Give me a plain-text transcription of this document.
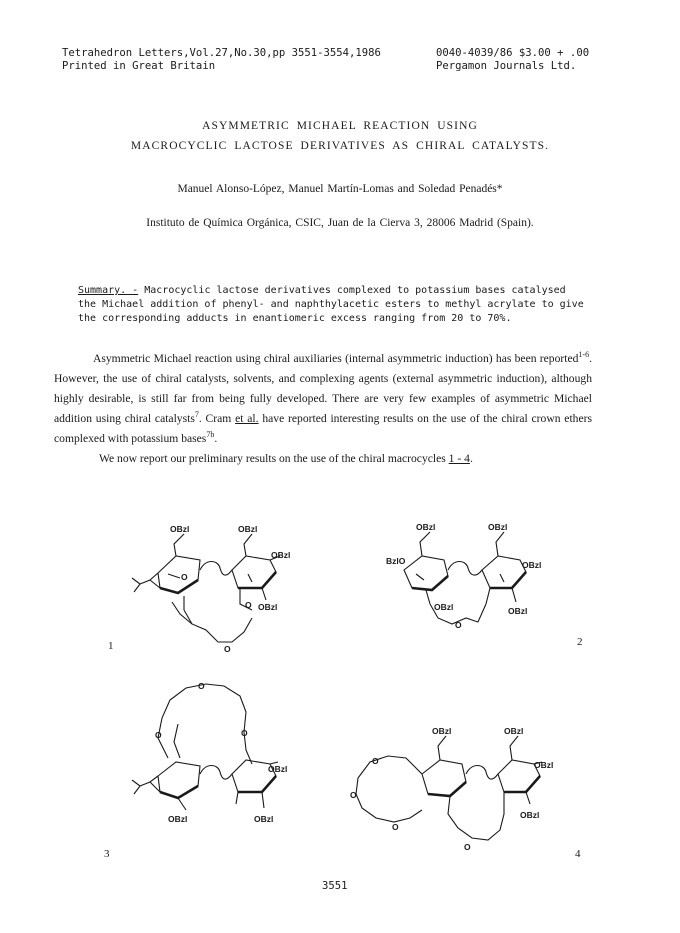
Tetrahedron Letters,Vol.27,No.30,pp 3551-3554,1986
Printed in Great Britain
0040-4039/86 $3.00 + .00
Pergamon Journals Ltd.
ASYMMETRIC MICHAEL REACTION USING
MACROCYCLIC LACTOSE DERIVATIVES AS CHIRAL CATALYSTS.
Manuel Alonso-López, Manuel Martín-Lomas and Soledad Penadés*
Instituto de Química Orgánica, CSIC, Juan de la Cierva 3, 28006 Madrid (Spain).
Summary. - Macrocyclic lactose derivatives complexed to potassium bases catalysed
the Michael addition of phenyl- and naphthylacetic esters to methyl acrylate to give
the corresponding adducts in enantiomeric excess ranging from 20 to 70%.

Asymmetric Michael reaction using chiral auxiliaries (internal asymmetric induction) has been reported$^{1-6}$. However, the use of chiral catalysts, solvents, and complexing agents (external asymmetric induction), although highly desirable, is still far from being fully developed. There are very few examples of asymmetric Michael addition using chiral catalysts$^7$. Cram et al. have reported interesting results on the use of the chiral crown ethers complexed with potassium bases$^{7b}$.

We now report our preliminary results on the use of the chiral macrocycles 1 - 4.

OBzl	OBzl
OBzl
OBzl
O
O
O
1
OBzl	OBzl
BzlO	OBzl
OBzl	OBzl
O
2
O
O	O
OBzl
OBzl	OBzl
3
OBzl	OBzl
OBzl
OBzl
O
O
O
O
4
3551
